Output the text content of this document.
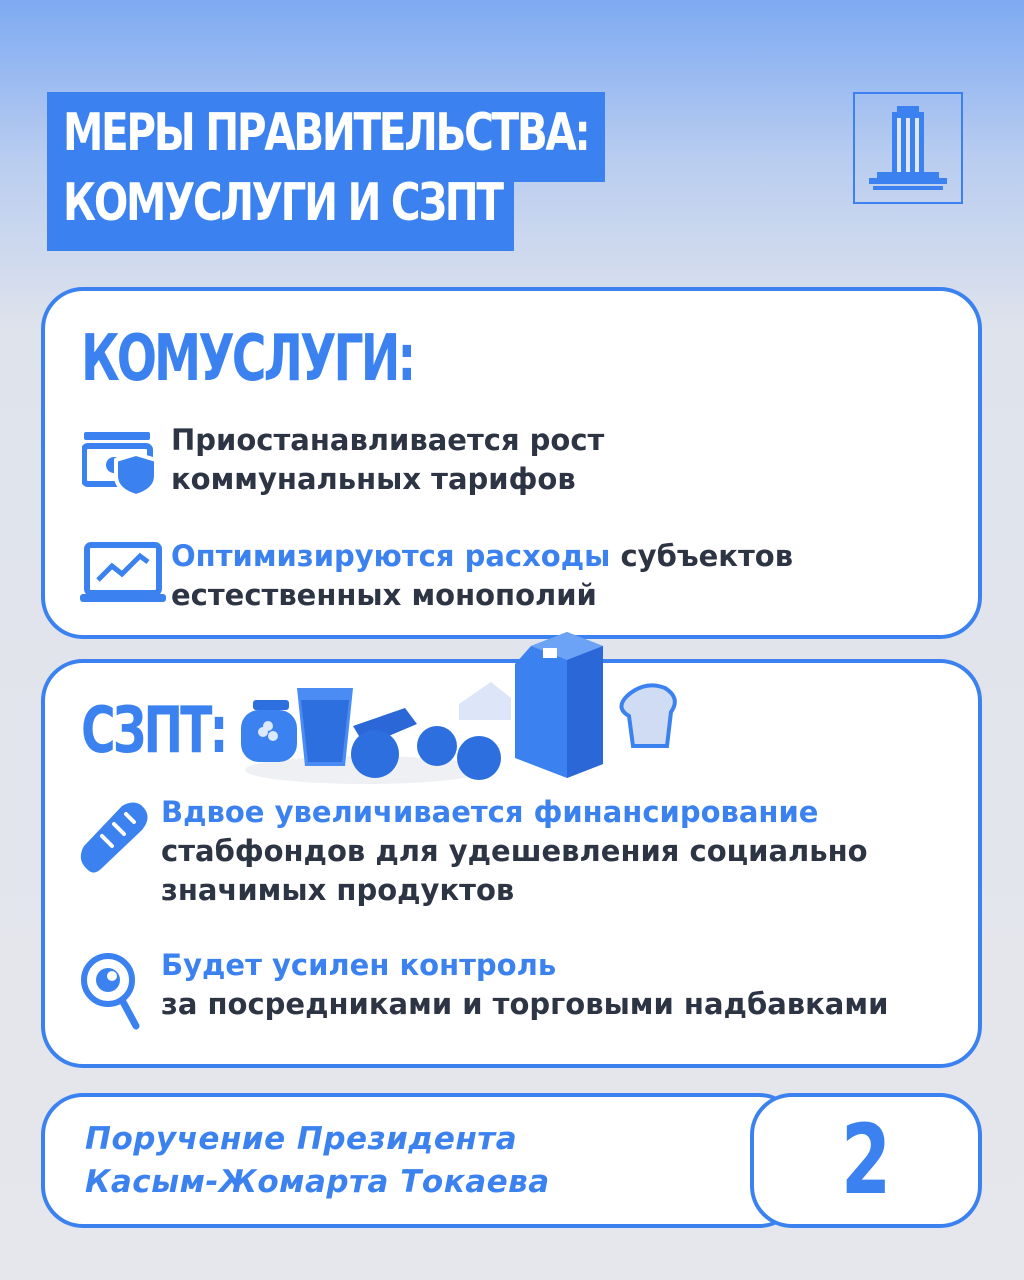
МЕРЫ ПРАВИТЕЛЬСТВА:
КОМУСЛУГИ И СЗПТ
КОМУСЛУГИ:
Приостанавливается рост
коммунальных тарифов
Оптимизируются расходы субъектов
естественных монополий
СЗПТ:
Вдвое увеличивается финансирование
стабфондов для удешевления социально
значимых продуктов
Будет усилен контроль
за посредниками и торговыми надбавками
Поручение Президента
Касым-Жомарта Токаева	2
